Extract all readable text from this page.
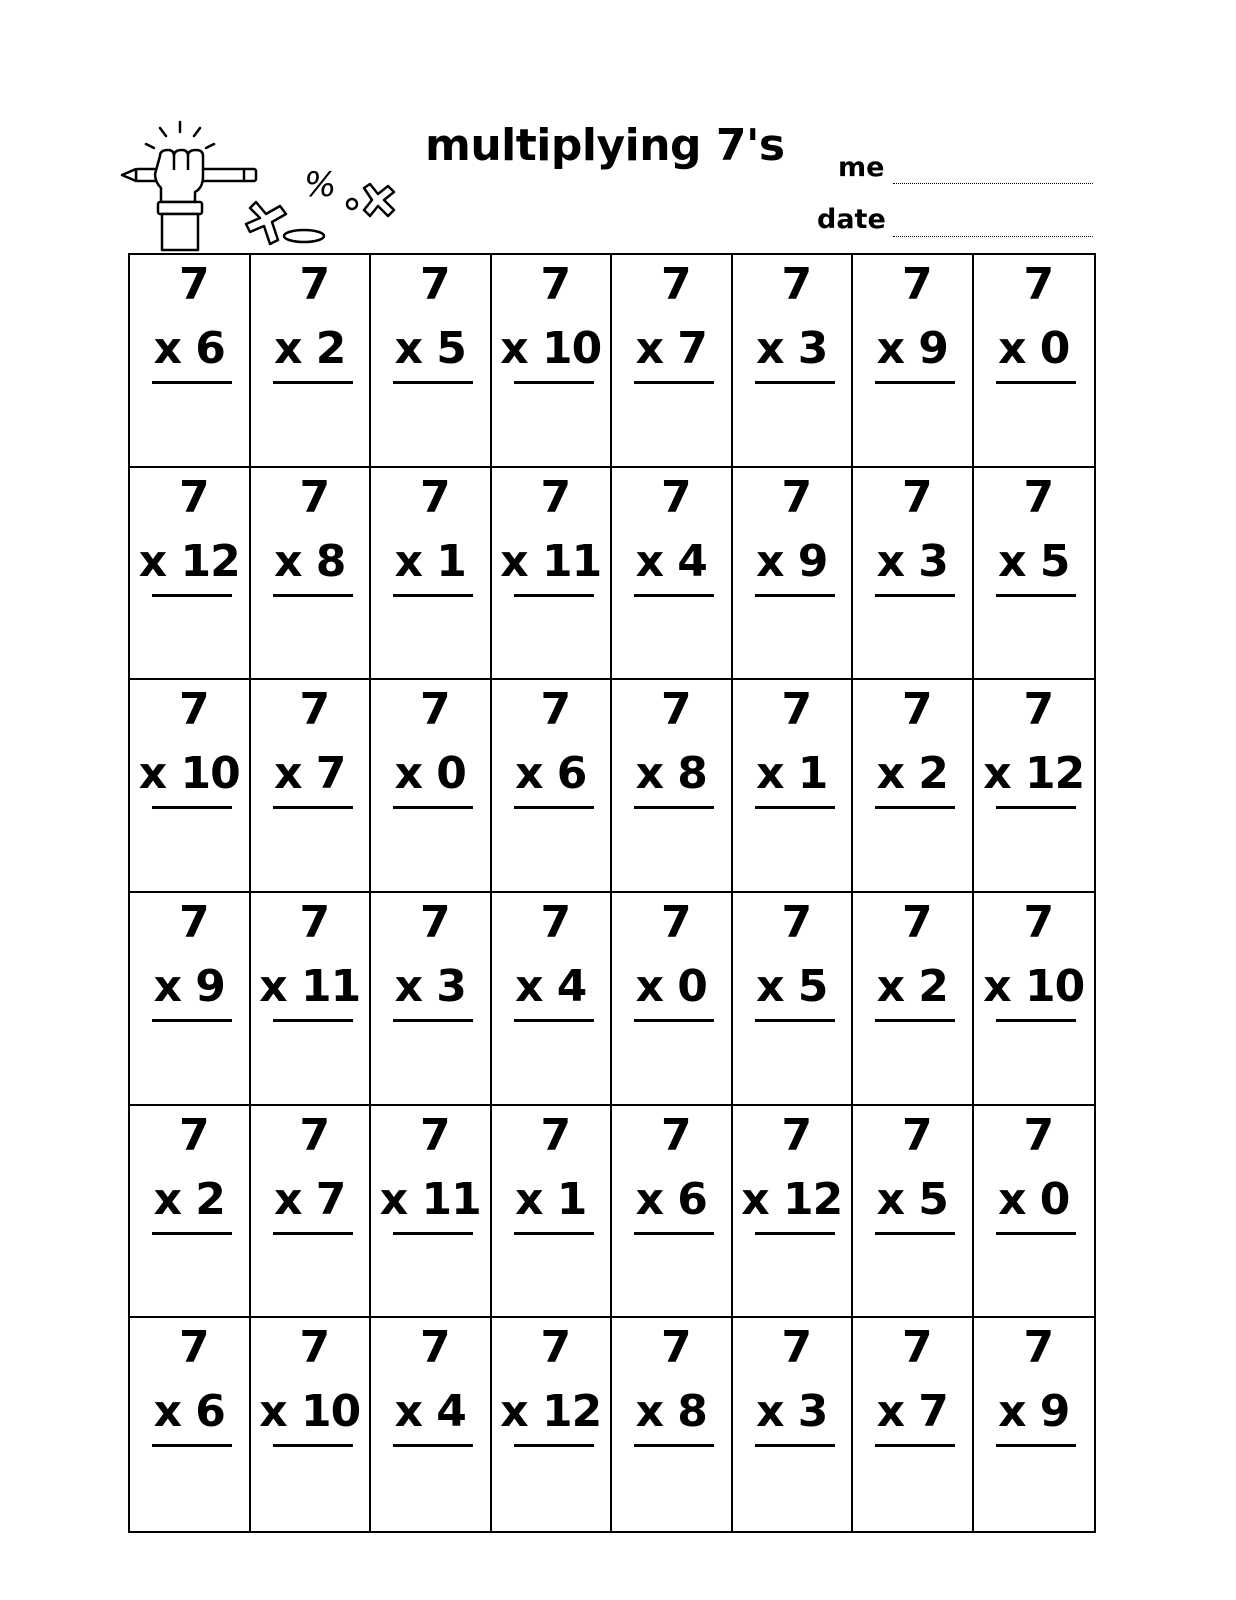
%
multiplying 7's me
date
7
x 6
7
x 2
7
x 5
7
x 10
7
x 7
7
x 3
7
x 9
7
x 0
7
x 12
7
x 8
7
x 1
7
x 11
7
x 4
7
x 9
7
x 3
7
x 5
7
x 10
7
x 7
7
x 0
7
x 6
7
x 8
7
x 1
7
x 2
7
x 12
7
x 9
7
x 11
7
x 3
7
x 4
7
x 0
7
x 5
7
x 2
7
x 10
7
x 2
7
x 7
7
x 11
7
x 1
7
x 6
7
x 12
7
x 5
7
x 0
7
x 6
7
x 10
7
x 4
7
x 12
7
x 8
7
x 3
7
x 7
7
x 9
